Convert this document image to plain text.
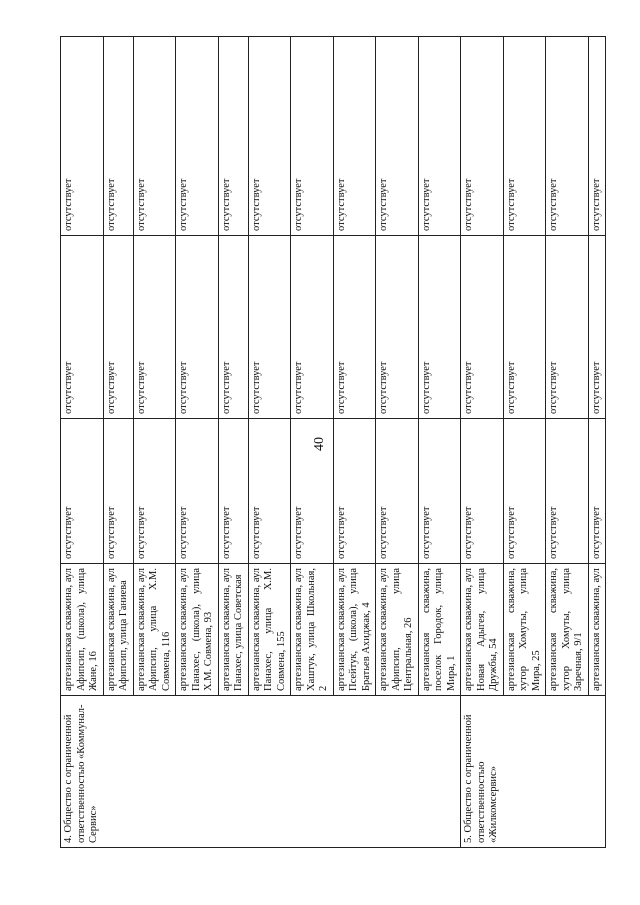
40
4. Общество с ограниченной ответственностью «Коммунал-Сервис»	артезианская скважина, аул Афипсип, (школа), улица Жане, 16	отсутствует	отсутствует	отсутствует
	артезианская скважина, аул Афипсип, улица Ганиева	отсутствует	отсутствует	отсутствует
	артезианская скважина, аул Афипсип, улица Х.М. Совмена, 116	отсутствует	отсутствует	отсутствует
	артезианская скважина, аул Панахес, (школа), улица Х.М. Совмена, 93	отсутствует	отсутствует	отсутствует
	артезианская скважина, аул Панахес, улица Советская	отсутствует	отсутствует	отсутствует
	артезианская скважина, аул Панахес, улица Х.М. Совмена, 155	отсутствует	отсутствует	отсутствует
	артезианская скважина, аул Хаштук, улица Школьная, 2	отсутствует	отсутствует	отсутствует
	артезианская скважина, аул Псейтук, (школа), улица Братьев Ахиджак, 4	отсутствует	отсутствует	отсутствует
	артезианская скважина, аул Афипсип, улица Центральная, 26	отсутствует	отсутствует	отсутствует
	артезианская скважина, поселок Городок, улица Мира, 1	отсутствует	отсутствует	отсутствует
5. Общество с ограниченной ответственностью «Жилкомсервис»	артезианская скважина, аул Новая Адыгея, улица Дружбы, 54	отсутствует	отсутствует	отсутствует
	артезианская скважина, хутор Хомуты, улица Мира, 25	отсутствует	отсутствует	отсутствует
	артезианская скважина, хутор Хомуты, улица Заречная, 9/1	отсутствует	отсутствует	отсутствует
	артезианская скважина, аул	отсутствует	отсутствует	отсутствует
